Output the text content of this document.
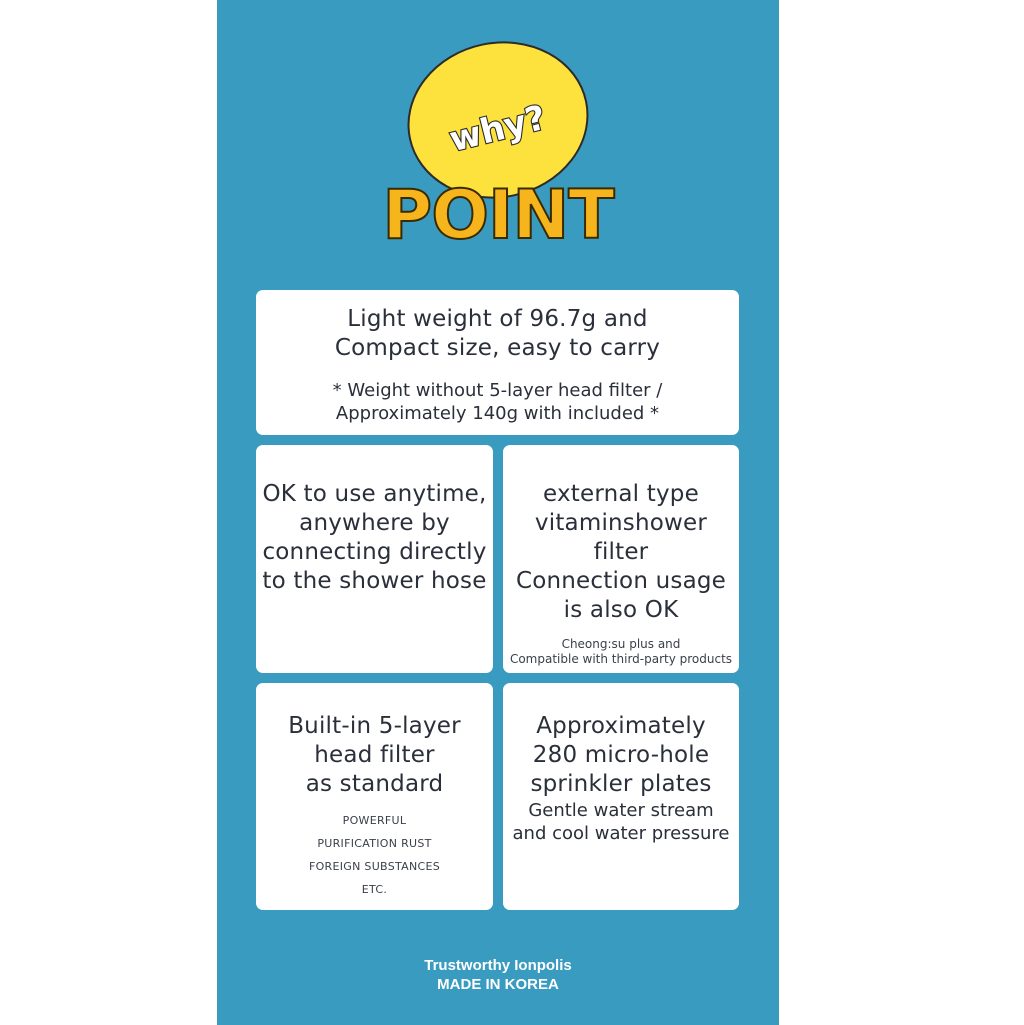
why?
POINT
Light weight of 96.7g and
Compact size, easy to carry
* Weight without 5-layer head filter /
Approximately 140g with included *
OK to use anytime,
anywhere by
connecting directly
to the shower hose
external type
vitaminshower
filter
Connection usage
is also OK
Cheong:su plus and
Compatible with third-party products
Built-in 5-layer
head filter
as standard
POWERFUL
PURIFICATION RUST
FOREIGN SUBSTANCES
ETC.
Approximately
280 micro-hole
sprinkler plates
Gentle water stream
and cool water pressure
Trustworthy Ionpolis
MADE IN KOREA
